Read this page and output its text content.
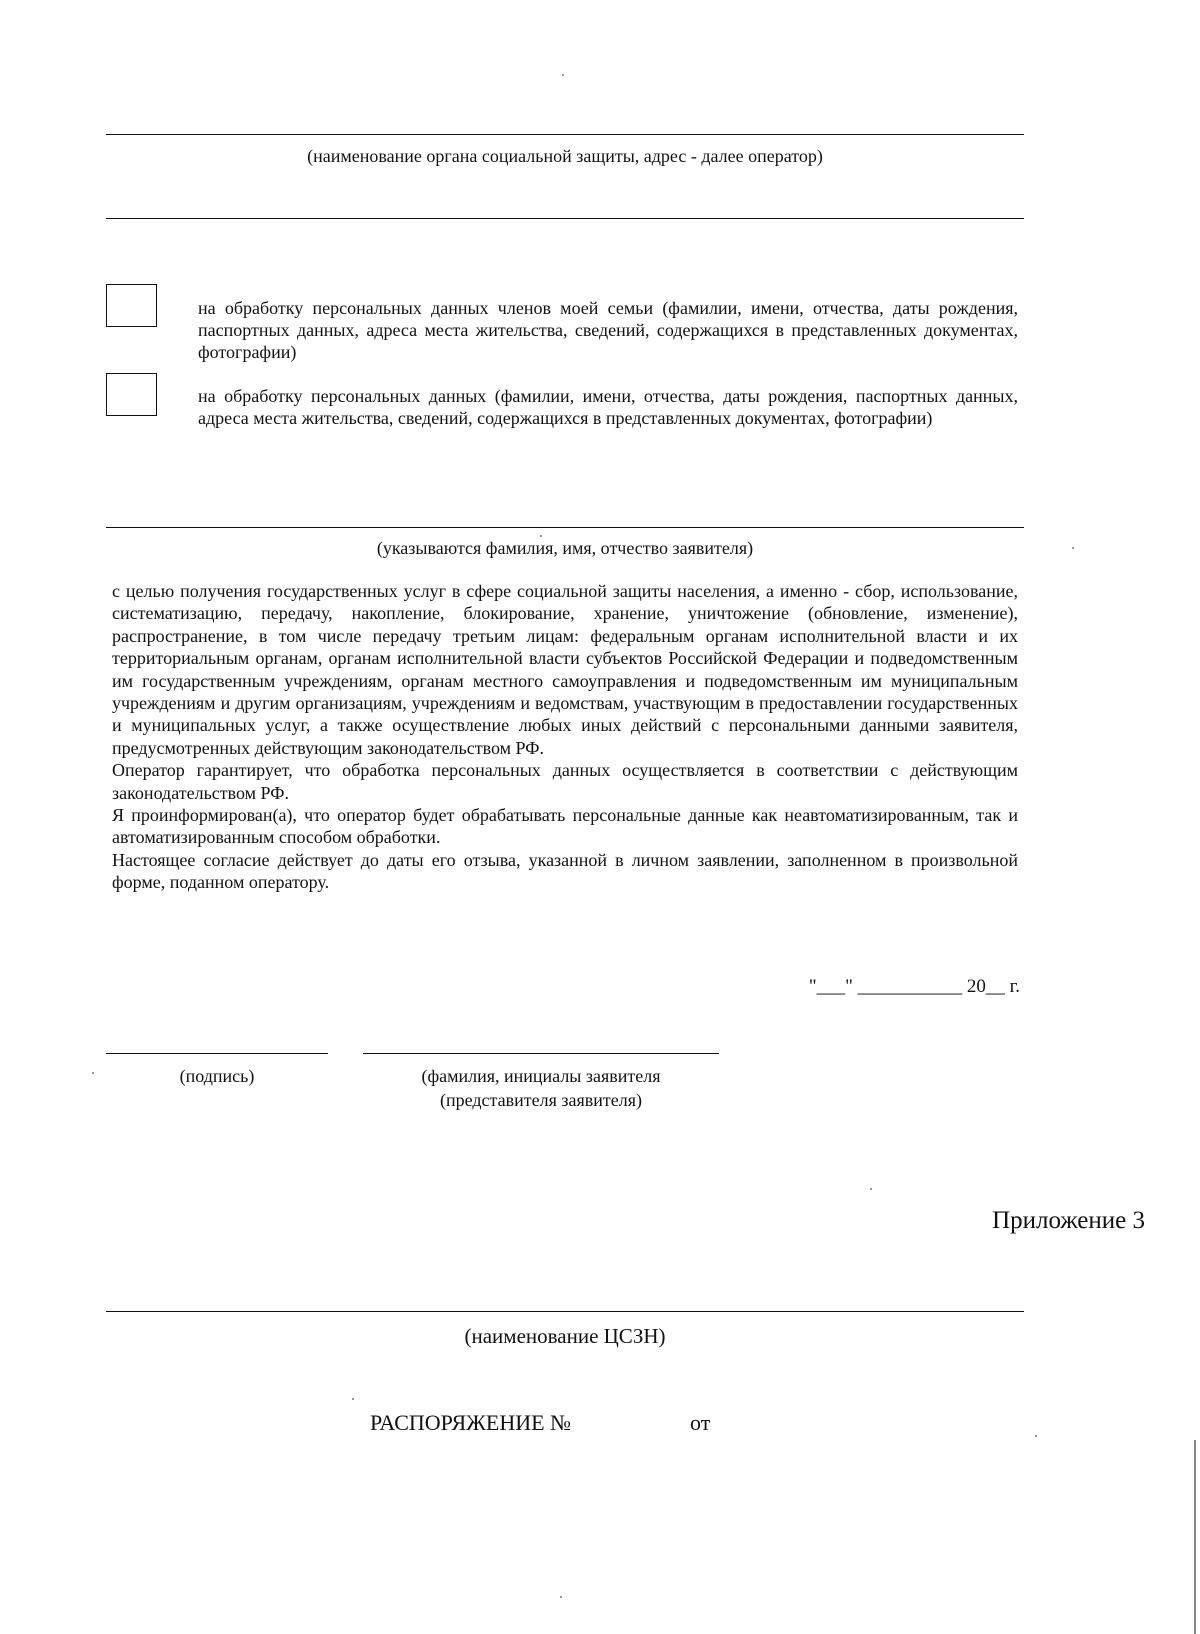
(наименование органа социальной защиты, адрес - далее оператор)
на обработку персональных данных членов моей семьи (фамилии, имени, отчества, даты рождения, паспортных данных, адреса места жительства, сведений, содержащихся в представленных документах, фотографии)
на обработку персональных данных (фамилии, имени, отчества, даты рождения, паспортных данных, адреса места жительства, сведений, содержащихся в представленных документах, фотографии)
(указываются фамилия, имя, отчество заявителя)

с целью получения государственных услуг в сфере социальной защиты населения, а именно - сбор, использование, систематизацию, передачу, накопление, блокирование, хранение, уничтожение (обновление, изменение), распространение, в том числе передачу третьим лицам: федеральным органам исполнительной власти и их территориальным органам, органам исполнительной власти субъектов Российской Федерации и подведомственным им государственным учреждениям, органам местного самоуправления и подведомственным им муниципальным учреждениям и другим организациям, учреждениям и ведомствам, участвующим в предоставлении государственных и муниципальных услуг, а также осуществление любых иных действий с персональными данными заявителя, предусмотренных действующим законодательством РФ.

Оператор гарантирует, что обработка персональных данных осуществляется в соответствии с действующим законодательством РФ.

Я проинформирован(а), что оператор будет обрабатывать персональные данные как неавтоматизированным, так и автоматизированным способом обработки.

Настоящее согласие действует до даты его отзыва, указанной в личном заявлении, заполненном в произвольной форме, поданном оператору.

"___" ___________ 20__ г.
(подпись)	(фамилия, инициалы заявителя
(представителя заявителя)
Приложение 3
(наименование ЦСЗН)
РАСПОРЯЖЕНИЕ №	от
